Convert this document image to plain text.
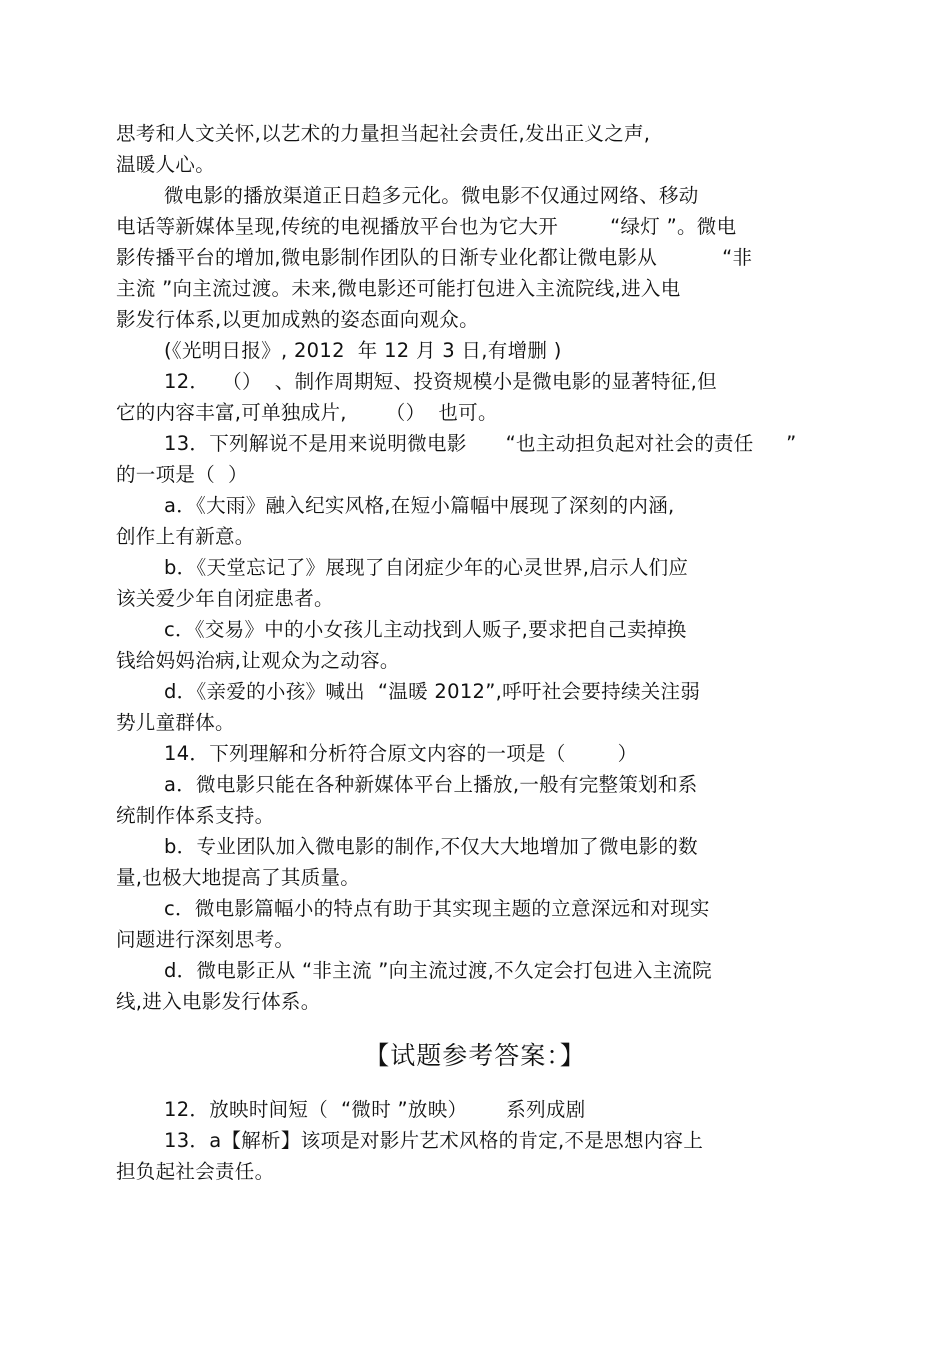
思考和人文关怀,以艺术的力量担当起社会责任,发出正义之声,
温暖人心。
微电影的播放渠道正日趋多元化。微电影不仅通过网络、移动
电话等新媒体呈现,传统的电视播放平台也为它大开        “绿灯 ”。微电
影传播平台的增加,微电影制作团队的日渐专业化都让微电影从          “非
主流 ”向主流过渡。未来,微电影还可能打包进入主流院线,进入电
影发行体系,以更加成熟的姿态面向观众。
(《光明日报》, 2012  年 12 月 3 日,有增删 )
12．  （）  、制作周期短、投资规模小是微电影的显著特征,但
它的内容丰富,可单独成片,      （）  也可。
13．下列解说不是用来说明微电影      “也主动担负起对社会的责任     ”
的一项是（  ）
a．《大雨》融入纪实风格,在短小篇幅中展现了深刻的内涵,
创作上有新意。
b．《天堂忘记了》展现了自闭症少年的心灵世界,启示人们应
该关爱少年自闭症患者。
c．《交易》中的小女孩儿主动找到人贩子,要求把自己卖掉换
钱给妈妈治病,让观众为之动容。
d．《亲爱的小孩》喊出  “温暖 2012”,呼吁社会要持续关注弱
势儿童群体。
14．下列理解和分析符合原文内容的一项是（        ）
a．微电影只能在各种新媒体平台上播放,一般有完整策划和系
统制作体系支持。
b．专业团队加入微电影的制作,不仅大大地增加了微电影的数
量,也极大地提高了其质量。
c．微电影篇幅小的特点有助于其实现主题的立意深远和对现实
问题进行深刻思考。
d．微电影正从 “非主流 ”向主流过渡,不久定会打包进入主流院
线,进入电影发行体系。
【试题参考答案：】
12．放映时间短（  “微时 ”放映）      系列成剧
13．a【解析】该项是对影片艺术风格的肯定,不是思想内容上
担负起社会责任。
